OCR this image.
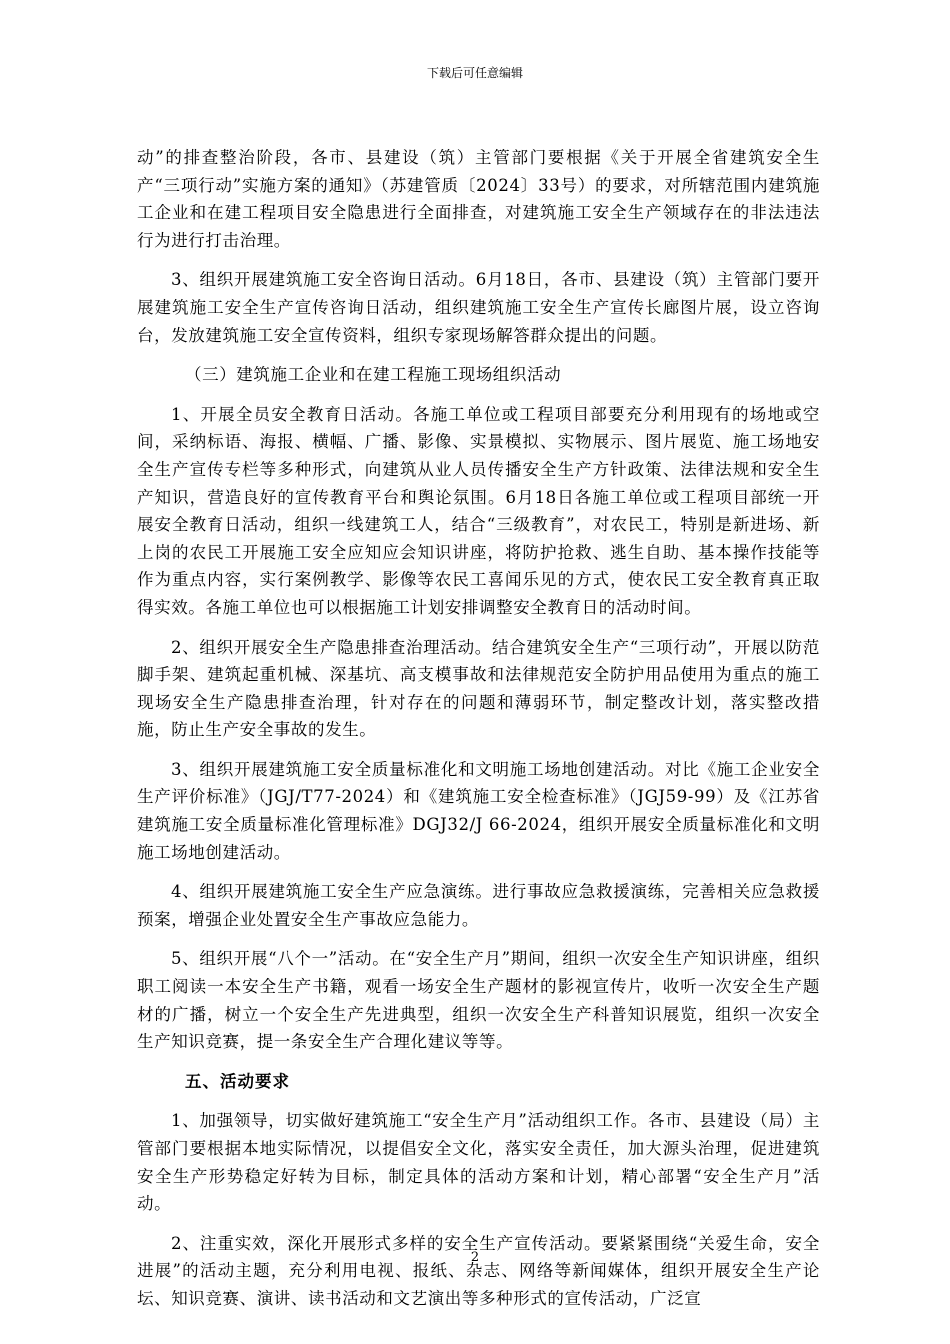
下载后可任意编辑

动”的排查整治阶段，各市、县建设（筑）主管部门要根据《关于开展全省建筑安全生产“三项行动”实施方案的通知》（苏建管质〔2024〕33号）的要求，对所辖范围内建筑施工企业和在建工程项目安全隐患进行全面排查，对建筑施工安全生产领域存在的非法违法行为进行打击治理。

3、组织开展建筑施工安全咨询日活动。6月18日，各市、县建设（筑）主管部门要开展建筑施工安全生产宣传咨询日活动，组织建筑施工安全生产宣传长廊图片展，设立咨询台，发放建筑施工安全宣传资料，组织专家现场解答群众提出的问题。

（三）建筑施工企业和在建工程施工现场组织活动

1、开展全员安全教育日活动。各施工单位或工程项目部要充分利用现有的场地或空间，采纳标语、海报、横幅、广播、影像、实景模拟、实物展示、图片展览、施工场地安全生产宣传专栏等多种形式，向建筑从业人员传播安全生产方针政策、法律法规和安全生产知识，营造良好的宣传教育平台和舆论氛围。6月18日各施工单位或工程项目部统一开展安全教育日活动，组织一线建筑工人，结合“三级教育”，对农民工，特别是新进场、新上岗的农民工开展施工安全应知应会知识讲座，将防护抢救、逃生自助、基本操作技能等作为重点内容，实行案例教学、影像等农民工喜闻乐见的方式，使农民工安全教育真正取得实效。各施工单位也可以根据施工计划安排调整安全教育日的活动时间。

2、组织开展安全生产隐患排查治理活动。结合建筑安全生产“三项行动”，开展以防范脚手架、建筑起重机械、深基坑、高支模事故和法律规范安全防护用品使用为重点的施工现场安全生产隐患排查治理，针对存在的问题和薄弱环节，制定整改计划，落实整改措施，防止生产安全事故的发生。

3、组织开展建筑施工安全质量标准化和文明施工场地创建活动。对比《施工企业安全生产评价标准》（JGJ/T77-2024）和《建筑施工安全检查标准》（JGJ59-99）及《江苏省建筑施工安全质量标准化管理标准》DGJ32/J 66-2024，组织开展安全质量标准化和文明施工场地创建活动。

4、组织开展建筑施工安全生产应急演练。进行事故应急救援演练，完善相关应急救援预案，增强企业处置安全生产事故应急能力。

5、组织开展“八个一”活动。在“安全生产月”期间，组织一次安全生产知识讲座，组织职工阅读一本安全生产书籍，观看一场安全生产题材的影视宣传片，收听一次安全生产题材的广播，树立一个安全生产先进典型，组织一次安全生产科普知识展览，组织一次安全生产知识竞赛，提一条安全生产合理化建议等等。

五、活动要求

1、加强领导，切实做好建筑施工“安全生产月”活动组织工作。各市、县建设（局）主管部门要根据本地实际情况，以提倡安全文化，落实安全责任，加大源头治理，促进建筑安全生产形势稳定好转为目标，制定具体的活动方案和计划，精心部署“安全生产月”活动。

2、注重实效，深化开展形式多样的安全生产宣传活动。要紧紧围绕“关爱生命，安全进展”的活动主题，充分利用电视、报纸、杂志、网络等新闻媒体，组织开展安全生产论坛、知识竞赛、演讲、读书活动和文艺演出等多种形式的宣传活动，广泛宣

2
